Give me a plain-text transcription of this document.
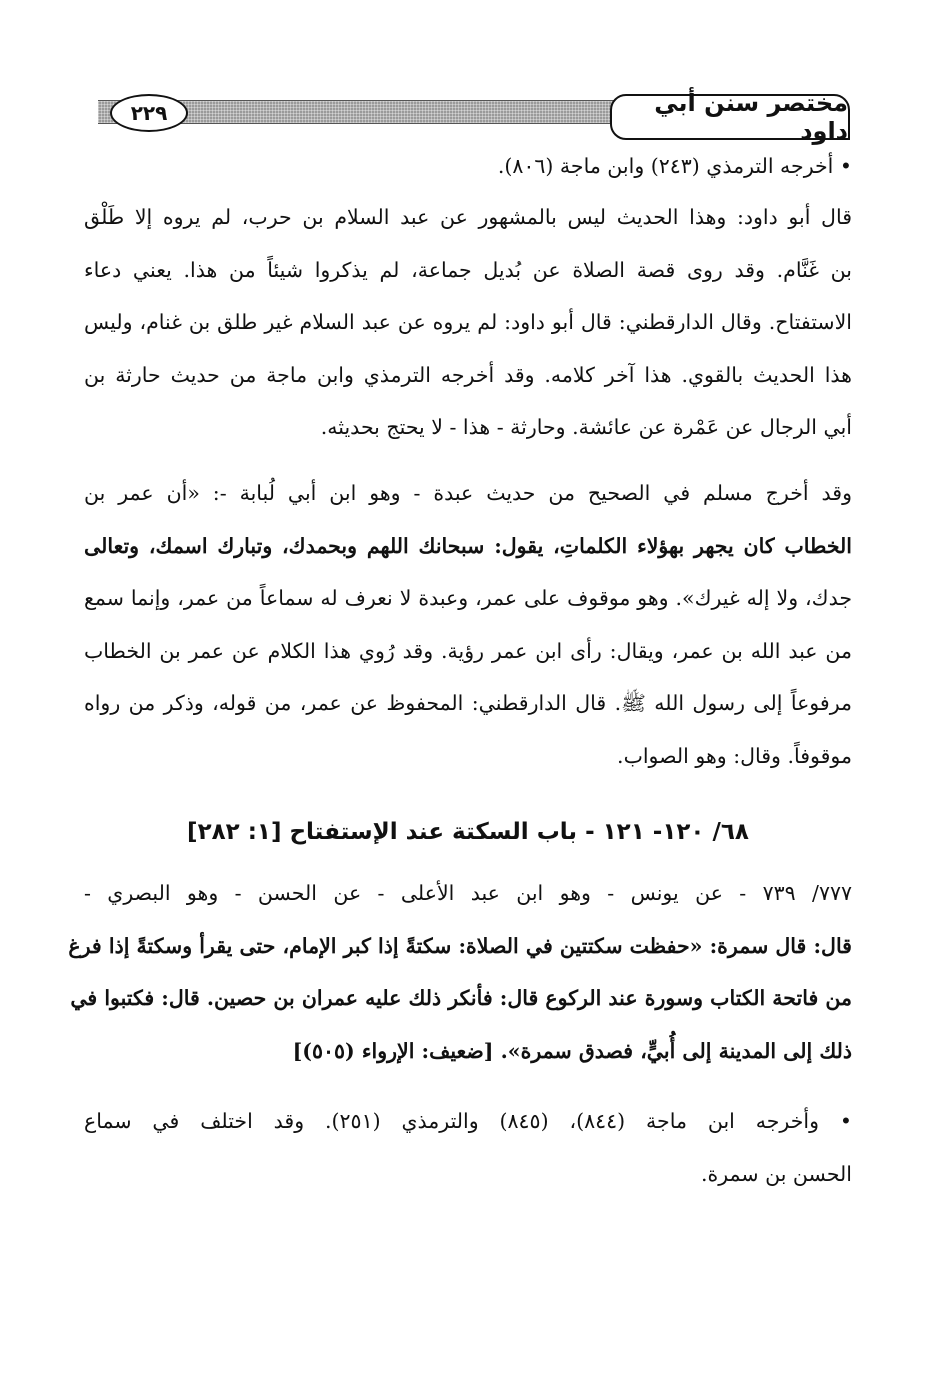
٢٢٩	مختصر سنن أبي داود
• أخرجه الترمذي (٢٤٣) وابن ماجة (٨٠٦).
قال أبو داود: وهذا الحديث ليس بالمشهور عن عبد السلام بن حرب، لم يروه إلا طَلْق
بن غَنَّام. وقد روى قصة الصلاة عن بُديل جماعة، لم يذكروا شيئاً من هذا. يعني دعاء
الاستفتاح. وقال الدارقطني: قال أبو داود: لم يروه عن عبد السلام غير طلق بن غنام، وليس
هذا الحديث بالقوي. هذا آخر كلامه. وقد أخرجه الترمذي وابن ماجة من حديث حارثة بن
أبي الرجال عن عَمْرة عن عائشة. وحارثة - هذا - لا يحتج بحديثه.
وقد أخرج مسلم في الصحيح من حديث عبدة - وهو ابن أبي لُبابة -: «أن عمر بن
الخطاب كان يجهر بهؤلاء الكلماتِ، يقول: سبحانك اللهم وبحمدك، وتبارك اسمك، وتعالى
جدك، ولا إله غيرك». وهو موقوف على عمر، وعبدة لا نعرف له سماعاً من عمر، وإنما سمع
من عبد الله بن عمر، ويقال: رأى ابن عمر رؤية. وقد رُوي هذا الكلام عن عمر بن الخطاب
مرفوعاً إلى رسول الله ﷺ. قال الدارقطني: المحفوظ عن عمر، من قوله، وذكر من رواه
موقوفاً. وقال: وهو الصواب.
٦٨/ ١٢٠- ١٢١ - باب السكتة عند الإستفتاح [١: ٢٨٢]
٧٧٧/ ٧٣٩ - عن يونس - وهو ابن عبد الأعلى - عن الحسن - وهو البصري -
قال: قال سمرة: «حفظت سكتتين في الصلاة: سكتةً إذا كبر الإمام، حتى يقرأ وسكتةً إذا فرغ
من فاتحة الكتاب وسورة عند الركوع قال: فأنكر ذلك عليه عمران بن حصين. قال: فكتبوا في
ذلك إلى المدينة إلى أُبيٍّ، فصدق سمرة». [ضعيف: الإرواء (٥٠٥)]
• وأخرجه ابن ماجة (٨٤٤)، (٨٤٥) والترمذي (٢٥١). وقد اختلف في سماع
الحسن بن سمرة.
